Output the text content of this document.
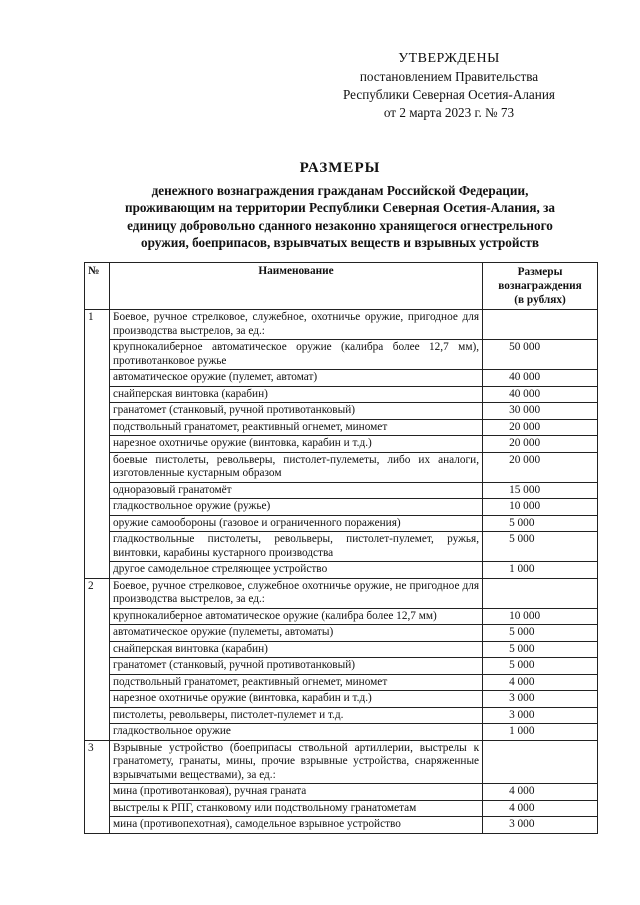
УТВЕРЖДЕНЫ
постановлением Правительства
Республики Северная Осетия-Алания
от 2 марта 2023 г. № 73
РАЗМЕРЫ
денежного вознаграждения гражданам Российской Федерации,
проживающим на территории Республики Северная Осетия-Алания, за
единицу добровольно сданного незаконно хранящегося огнестрельного
оружия, боеприпасов, взрывчатых веществ и взрывных устройств
№	Наименование	Размеры
вознаграждения
(в рублях)

1	Боевое, ручное стрелковое, служебное, охотничье оружие, пригодное для производства выстрелов, за ед.:	
	крупнокалиберное автоматическое оружие (калибра более 12,7 мм), противотанковое ружье	50 000
	автоматическое оружие (пулемет, автомат)	40 000
	снайперская винтовка (карабин)	40 000
	гранатомет (станковый, ручной противотанковый)	30 000
	подствольный гранатомет, реактивный огнемет, миномет	20 000
	нарезное охотничье оружие (винтовка, карабин и т.д.)	20 000
	боевые пистолеты, револьверы, пистолет-пулеметы, либо их аналоги, изготовленные кустарным образом	20 000
	одноразовый гранатомёт	15 000
	гладкоствольное оружие (ружье)	10 000
	оружие самообороны (газовое и ограниченного поражения)	5 000
	гладкоствольные пистолеты, револьверы, пистолет-пулемет, ружья, винтовки, карабины кустарного производства	5 000
	другое самодельное стреляющее устройство	1 000
2	Боевое, ручное стрелковое, служебное охотничье оружие, не пригодное для производства выстрелов, за ед.:	
	крупнокалиберное автоматическое оружие (калибра более 12,7 мм)	10 000
	автоматическое оружие (пулеметы, автоматы)	5 000
	снайперская винтовка (карабин)	5 000
	гранатомет (станковый, ручной противотанковый)	5 000
	подствольный гранатомет, реактивный огнемет, миномет	4 000
	нарезное охотничье оружие (винтовка, карабин и т.д.)	3 000
	пистолеты, револьверы, пистолет-пулемет и т.д.	3 000
	гладкоствольное оружие	1 000
3	Взрывные устройство (боеприпасы ствольной артиллерии, выстрелы к гранатомету, гранаты, мины, прочие взрывные устройства, снаряженные взрывчатыми веществами), за ед.:	
	мина (противотанковая), ручная граната	4 000
	выстрелы к РПГ, станковому или подствольному гранатометам	4 000
	мина (противопехотная), самодельное взрывное устройство	3 000
